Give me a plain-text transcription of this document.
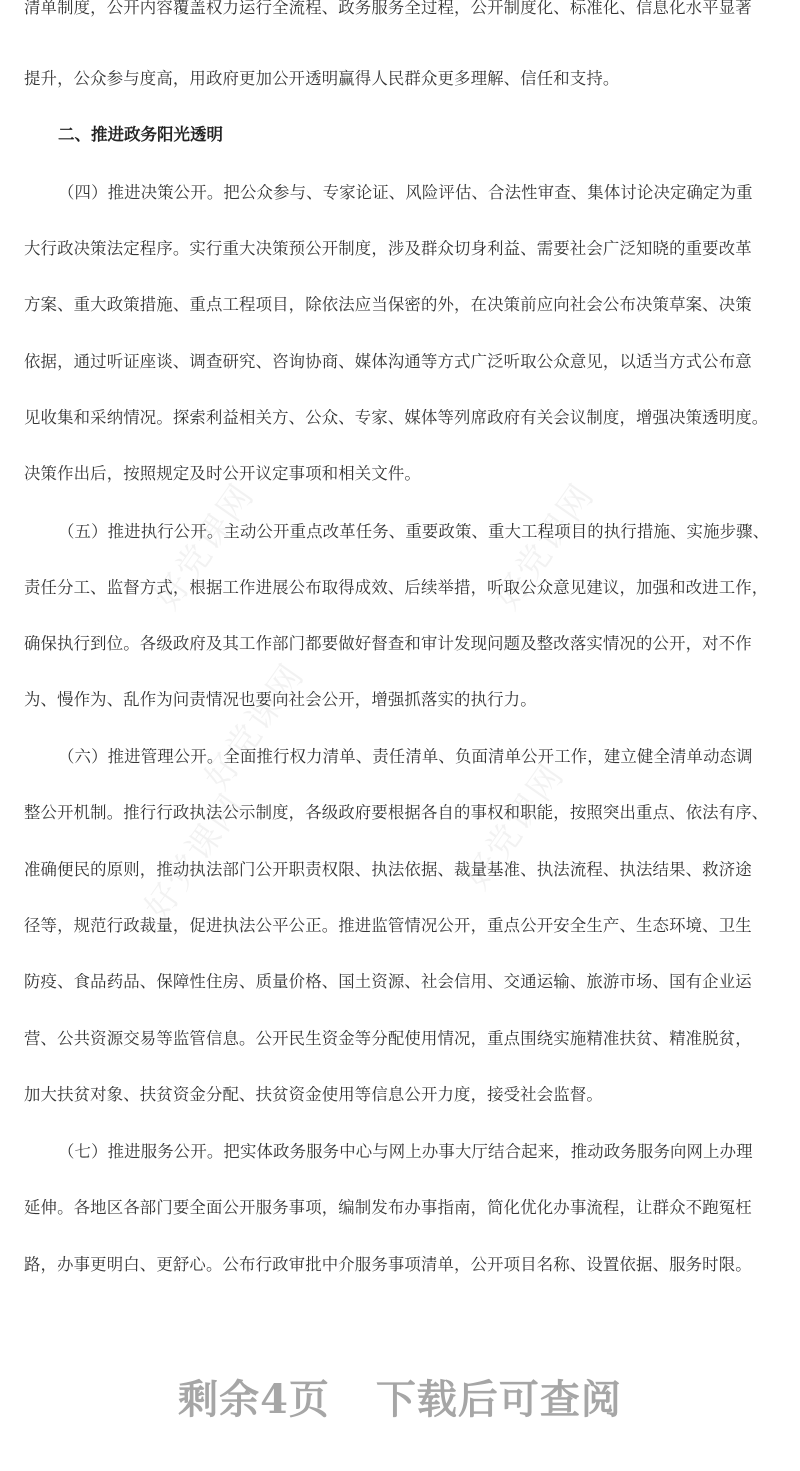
好党课网	好党课网
好党课网
好党课网	好党课网
清单制度，公开内容覆盖权力运行全流程、政务服务全过程，公开制度化、标准化、信息化水平显著
提升，公众参与度高，用政府更加公开透明赢得人民群众更多理解、信任和支持。
二、推进政务阳光透明
（四）推进决策公开。把公众参与、专家论证、风险评估、合法性审查、集体讨论决定确定为重
大行政决策法定程序。实行重大决策预公开制度，涉及群众切身利益、需要社会广泛知晓的重要改革
方案、重大政策措施、重点工程项目，除依法应当保密的外，在决策前应向社会公布决策草案、决策
依据，通过听证座谈、调查研究、咨询协商、媒体沟通等方式广泛听取公众意见，以适当方式公布意
见收集和采纳情况。探索利益相关方、公众、专家、媒体等列席政府有关会议制度，增强决策透明度。
决策作出后，按照规定及时公开议定事项和相关文件。
（五）推进执行公开。主动公开重点改革任务、重要政策、重大工程项目的执行措施、实施步骤、
责任分工、监督方式，根据工作进展公布取得成效、后续举措，听取公众意见建议，加强和改进工作，
确保执行到位。各级政府及其工作部门都要做好督查和审计发现问题及整改落实情况的公开，对不作
为、慢作为、乱作为问责情况也要向社会公开，增强抓落实的执行力。
（六）推进管理公开。全面推行权力清单、责任清单、负面清单公开工作，建立健全清单动态调
整公开机制。推行行政执法公示制度，各级政府要根据各自的事权和职能，按照突出重点、依法有序、
准确便民的原则，推动执法部门公开职责权限、执法依据、裁量基准、执法流程、执法结果、救济途
径等，规范行政裁量，促进执法公平公正。推进监管情况公开，重点公开安全生产、生态环境、卫生
防疫、食品药品、保障性住房、质量价格、国土资源、社会信用、交通运输、旅游市场、国有企业运
营、公共资源交易等监管信息。公开民生资金等分配使用情况，重点围绕实施精准扶贫、精准脱贫，
加大扶贫对象、扶贫资金分配、扶贫资金使用等信息公开力度，接受社会监督。
（七）推进服务公开。把实体政务服务中心与网上办事大厅结合起来，推动政务服务向网上办理
延伸。各地区各部门要全面公开服务事项，编制发布办事指南，简化优化办事流程，让群众不跑冤枉
路，办事更明白、更舒心。公布行政审批中介服务事项清单，公开项目名称、设置依据、服务时限。
剩余4页 下载后可查阅
